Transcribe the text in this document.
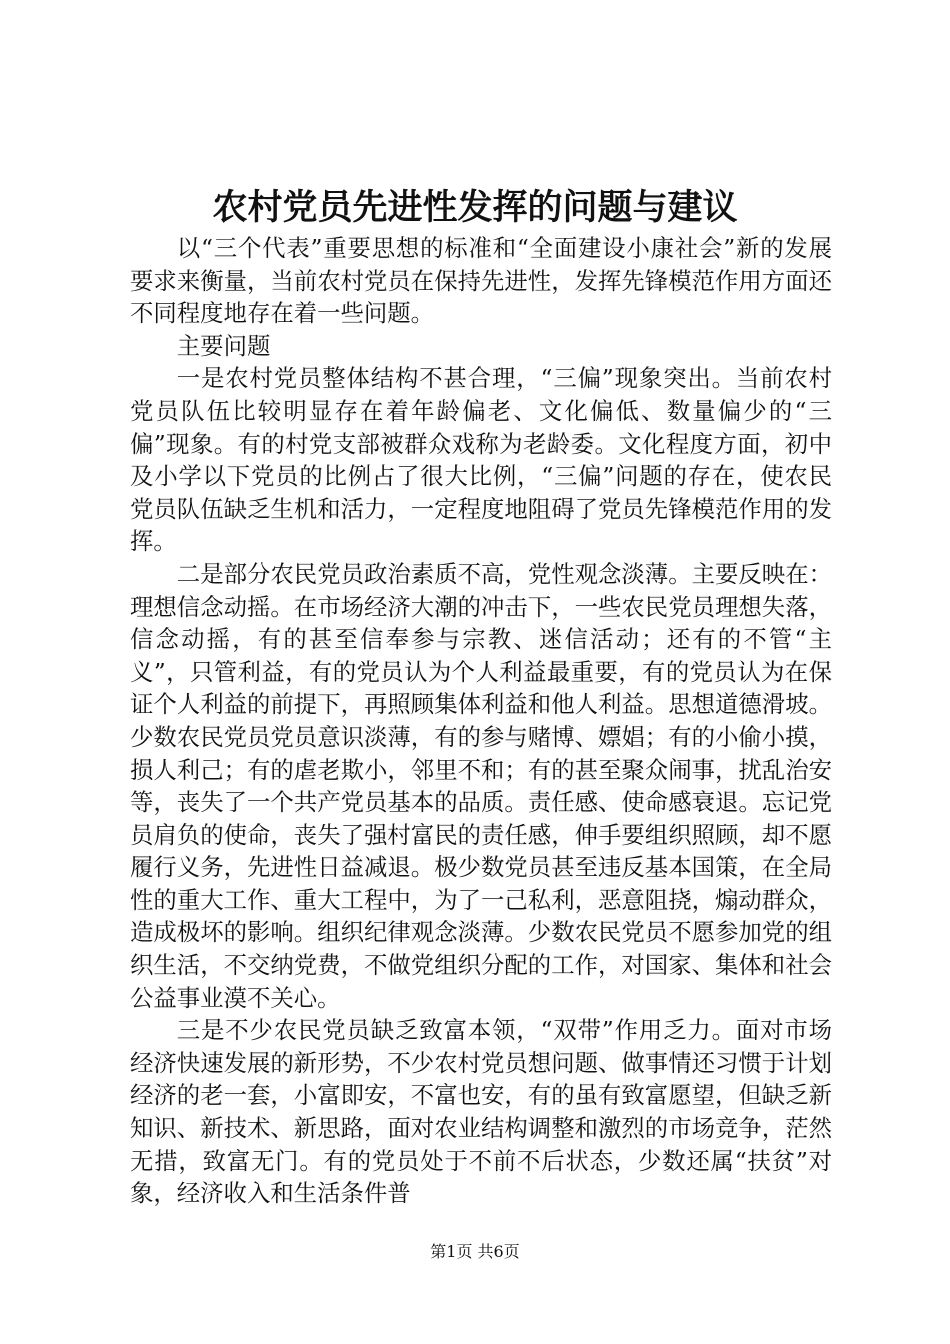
农村党员先进性发挥的问题与建议

以“三个代表”重要思想的标准和“全面建设小康社会”新的发展要求来衡量，当前农村党员在保持先进性，发挥先锋模范作用方面还不同程度地存在着一些问题。

主要问题

一是农村党员整体结构不甚合理，“三偏”现象突出。当前农村党员队伍比较明显存在着年龄偏老、文化偏低、数量偏少的“三偏”现象。有的村党支部被群众戏称为老龄委。文化程度方面，初中及小学以下党员的比例占了很大比例，“三偏”问题的存在，使农民党员队伍缺乏生机和活力，一定程度地阻碍了党员先锋模范作用的发挥。

二是部分农民党员政治素质不高，党性观念淡薄。主要反映在：理想信念动摇。在市场经济大潮的冲击下，一些农民党员理想失落，信念动摇，有的甚至信奉参与宗教、迷信活动；还有的不管“主义”，只管利益，有的党员认为个人利益最重要，有的党员认为在保证个人利益的前提下，再照顾集体利益和他人利益。思想道德滑坡。少数农民党员党员意识淡薄，有的参与赌博、嫖娼；有的小偷小摸，损人利己；有的虐老欺小，邻里不和；有的甚至聚众闹事，扰乱治安等，丧失了一个共产党员基本的品质。责任感、使命感衰退。忘记党员肩负的使命，丧失了强村富民的责任感，伸手要组织照顾，却不愿履行义务，先进性日益减退。极少数党员甚至违反基本国策，在全局性的重大工作、重大工程中，为了一己私利，恶意阻挠，煽动群众，造成极坏的影响。组织纪律观念淡薄。少数农民党员不愿参加党的组织生活，不交纳党费，不做党组织分配的工作，对国家、集体和社会公益事业漠不关心。

三是不少农民党员缺乏致富本领，“双带”作用乏力。面对市场经济快速发展的新形势，不少农村党员想问题、做事情还习惯于计划经济的老一套，小富即安，不富也安，有的虽有致富愿望，但缺乏新知识、新技术、新思路，面对农业结构调整和激烈的市场竞争，茫然无措，致富无门。有的党员处于不前不后状态，少数还属“扶贫”对象，经济收入和生活条件普

第1页 共6页
